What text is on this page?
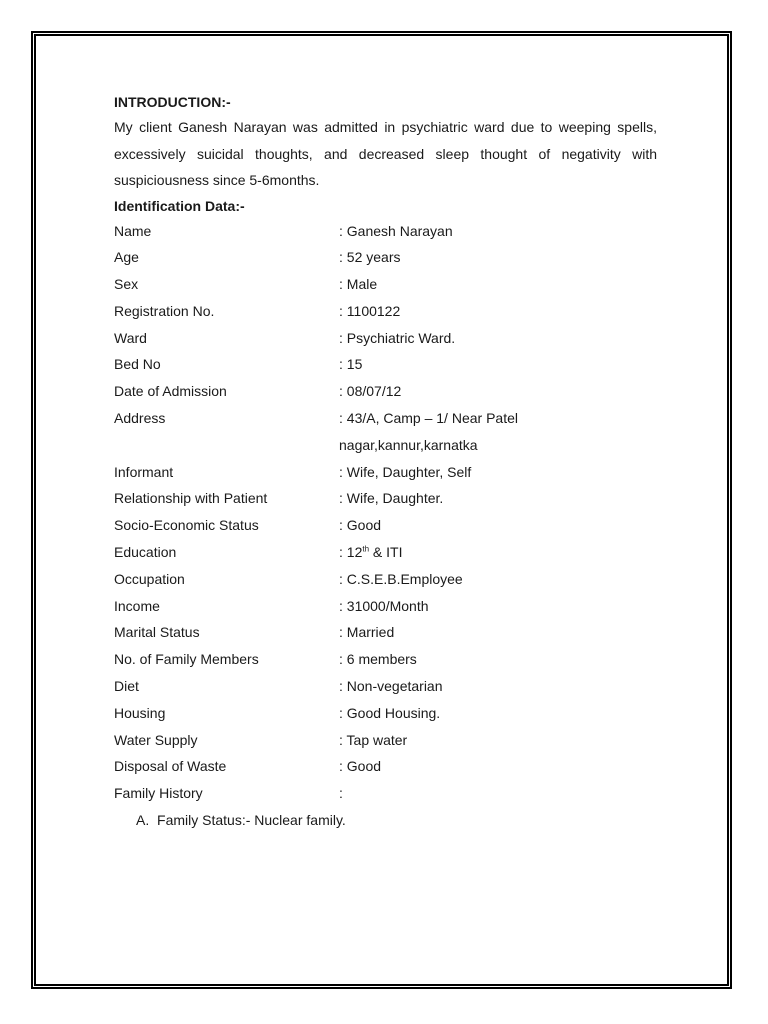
INTRODUCTION:-
My client Ganesh Narayan was admitted in psychiatric ward due to weeping spells, excessively suicidal thoughts, and decreased sleep thought of negativity with suspiciousness since 5-6months.
Identification Data:-
Name	: Ganesh Narayan
Age	: 52 years
Sex	: Male
Registration No.	: 1100122
Ward	: Psychiatric Ward.
Bed No	: 15
Date of Admission	: 08/07/12
Address	: 43/A, Camp – 1/ Near Patel
nagar,kannur,karnatka
Informant	: Wife, Daughter, Self
Relationship with Patient	: Wife, Daughter.
Socio-Economic Status	: Good
Education	: 12th & ITI
Occupation	: C.S.E.B.Employee
Income	: 31000/Month
Marital Status	: Married
No. of Family Members	: 6 members
Diet	: Non-vegetarian
Housing	: Good Housing.
Water Supply	: Tap water
Disposal of Waste	: Good
Family History	:
A. Family Status:- Nuclear family.
